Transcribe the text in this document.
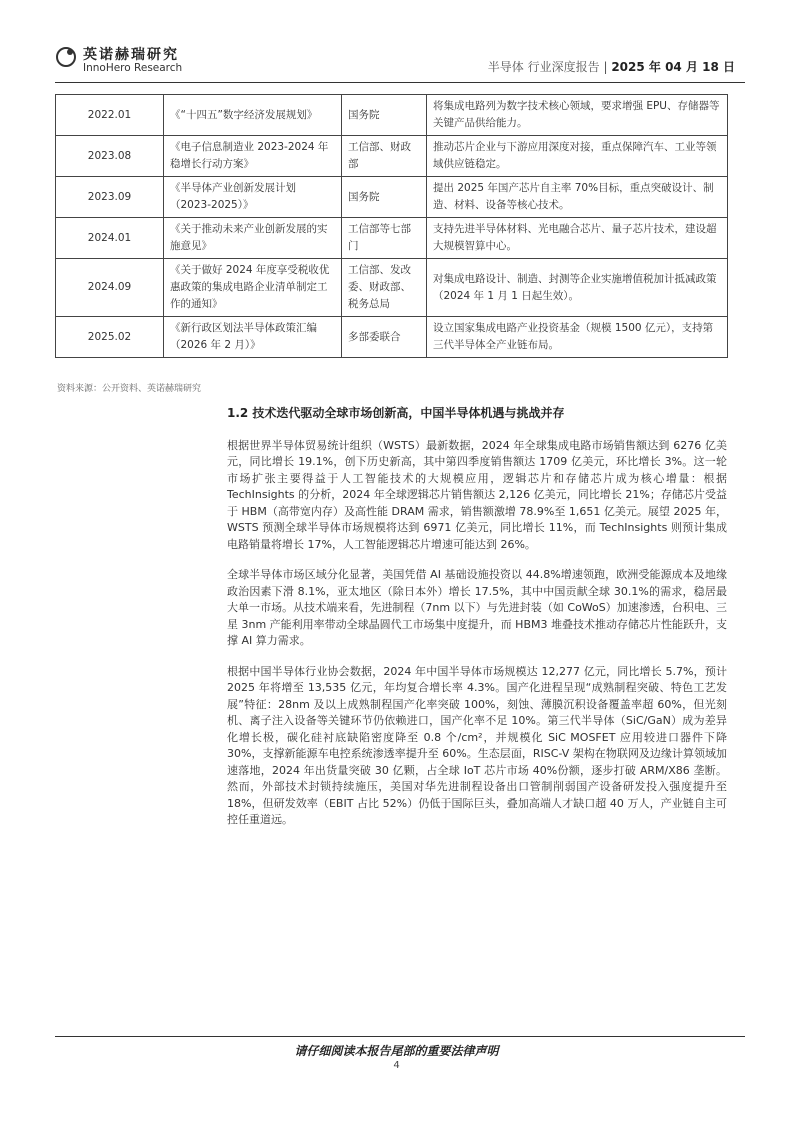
英诺赫瑞研究
InnoHero Research	半导体 行业深度报告 | 2025 年 04 月 18 日
2022.01	《“十四五”数字经济发展规划》	国务院	将集成电路列为数字技术核心领域，要求增强 EPU、存储器等关键产品供给能力。
2023.08	《电子信息制造业 2023-2024 年稳增长行动方案》	工信部、财政部	推动芯片企业与下游应用深度对接，重点保障汽车、工业等领域供应链稳定。
2023.09	《半导体产业创新发展计划（2023-2025）》	国务院	提出 2025 年国产芯片自主率 70%目标，重点突破设计、制造、材料、设备等核心技术。
2024.01	《关于推动未来产业创新发展的实施意见》	工信部等七部门	支持先进半导体材料、光电融合芯片、量子芯片技术，建设超大规模智算中心。
2024.09	《关于做好 2024 年度享受税收优惠政策的集成电路企业清单制定工作的通知》	工信部、发改委、财政部、税务总局	对集成电路设计、制造、封测等企业实施增值税加计抵减政策（2024 年 1 月 1 日起生效）。
2025.02	《新行政区划法半导体政策汇编（2026 年 2 月）》	多部委联合	设立国家集成电路产业投资基金（规模 1500 亿元），支持第三代半导体全产业链布局。
资料来源：公开资料、英诺赫瑞研究
1.2 技术迭代驱动全球市场创新高，中国半导体机遇与挑战并存

根据世界半导体贸易统计组织（WSTS）最新数据，2024 年全球集成电路市场销售额达到 6276 亿美元，同比增长 19.1%，创下历史新高，其中第四季度销售额达 1709 亿美元，环比增长 3%。这一轮市场扩张主要得益于人工智能技术的大规模应用，逻辑芯片和存储芯片成为核心增量：根据 TechInsights 的分析，2024 年全球逻辑芯片销售额达 2,126 亿美元，同比增长 21%；存储芯片受益于 HBM（高带宽内存）及高性能 DRAM 需求，销售额激增 78.9%至 1,651 亿美元。展望 2025 年，WSTS 预测全球半导体市场规模将达到 6971 亿美元，同比增长 11%，而 TechInsights 则预计集成电路销量将增长 17%，人工智能逻辑芯片增速可能达到 26%。

全球半导体市场区域分化显著，美国凭借 AI 基础设施投资以 44.8%增速领跑，欧洲受能源成本及地缘政治因素下滑 8.1%，亚太地区（除日本外）增长 17.5%，其中中国贡献全球 30.1%的需求，稳居最大单一市场。从技术端来看，先进制程（7nm 以下）与先进封装（如 CoWoS）加速渗透，台积电、三星 3nm 产能利用率带动全球晶圆代工市场集中度提升，而 HBM3 堆叠技术推动存储芯片性能跃升，支撑 AI 算力需求。

根据中国半导体行业协会数据，2024 年中国半导体市场规模达 12,277 亿元，同比增长 5.7%，预计 2025 年将增至 13,535 亿元，年均复合增长率 4.3%。国产化进程呈现“成熟制程突破、特色工艺发展”特征：28nm 及以上成熟制程国产化率突破 100%，刻蚀、薄膜沉积设备覆盖率超 60%，但光刻机、离子注入设备等关键环节仍依赖进口，国产化率不足 10%。第三代半导体（SiC/GaN）成为差异化增长极，碳化硅衬底缺陷密度降至 0.8 个/cm²，并规模化 SiC MOSFET 应用较进口器件下降 30%，支撑新能源车电控系统渗透率提升至 60%。生态层面，RISC-V 架构在物联网及边缘计算领域加速落地，2024 年出货量突破 30 亿颗，占全球 IoT 芯片市场 40%份额，逐步打破 ARM/X86 垄断。然而，外部技术封锁持续施压，美国对华先进制程设备出口管制削弱国产设备研发投入强度提升至 18%，但研发效率（EBIT 占比 52%）仍低于国际巨头，叠加高端人才缺口超 40 万人，产业链自主可控任重道远。

请仔细阅读本报告尾部的重要法律声明
4
